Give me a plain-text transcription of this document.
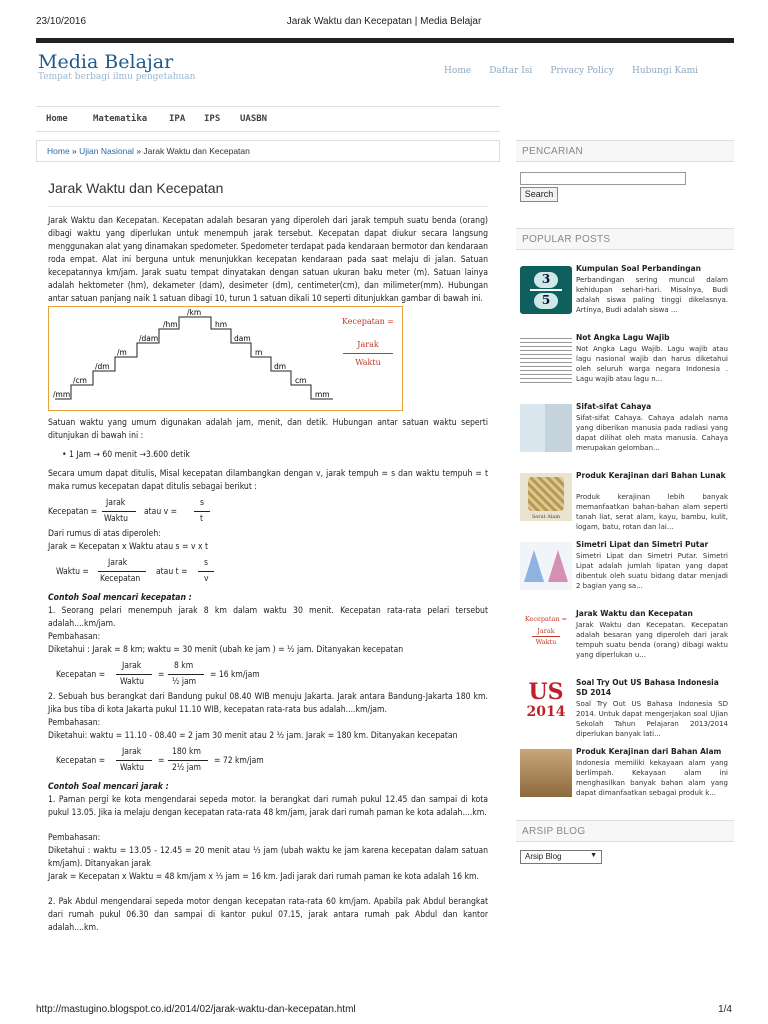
23/10/2016	Jarak Waktu dan Kecepatan | Media Belajar
Media Belajar
Tempat berbagi ilmu pengetahuan
Home Daftar Isi Privacy Policy Hubungi Kami
Home	Matematika IPA IPS UASBN
Home » Ujian Nasional » Jarak Waktu dan Kecepatan
Jarak Waktu dan Kecepatan

Jarak Waktu dan Kecepatan. Kecepatan adalah besaran yang diperoleh dari jarak tempuh suatu benda (orang) dibagi waktu yang diperlukan untuk menempuh jarak tersebut. Kecepatan dapat diukur secara langsung menggunakan alat yang dinamakan spedometer. Spedometer terdapat pada kendaraan bermotor dan kendaraan roda empat. Alat ini berguna untuk menunjukkan kecepatan kendaraan pada saat melaju di jalan. Satuan kecepatannya km/jam. Jarak suatu tempat dinyatakan dengan satuan ukuran baku meter (m). Satuan lainya adalah hektometer (hm), dekameter (dam), desimeter (dm), centimeter(cm), dan milimeter(mm). Hubungan antar satuan panjang naik 1 satuan dibagi 10, turun 1 satuan dikali 10 seperti ditunjukkan gambar di bawah ini.

/mm
/cm
/dm
/m
/dam
/hm
/km
hm
dam
m
dm
cm
mm
Kecepatan =
Jarak
Waktu

Satuan waktu yang umum digunakan adalah jam, menit, dan detik. Hubungan antar satuan waktu seperti ditunjukan di bawah ini :

• 1 Jam → 60 menit →3.600 detik

Secara umum dapat ditulis, Misal kecepatan dilambangkan dengan v, jarak tempuh = s dan waktu tempuh = t maka rumus kecepatan dapat ditulis sebagai berikut :

Kecepatan =
Jarak
Waktu
atau v =
s
t

Dari rumus di atas diperoleh:

Jarak = Kecepatan x Waktu atau s = v x t

Waktu =
Jarak
Kecepatan
atau t =
s
v

Contoh Soal mencari kecepatan :

1. Seorang pelari menempuh jarak 8 km dalam waktu 30 menit. Kecepatan rata-rata pelari tersebut adalah....km/jam.

Pembahasan:

Diketahui : Jarak = 8 km; waktu = 30 menit (ubah ke jam ) = ½ jam. Ditanyakan kecepatan

Kecepatan =
Jarak
Waktu
=
8 km
½ jam
= 16 km/jam

2. Sebuah bus berangkat dari Bandung pukul 08.40 WIB menuju Jakarta. Jarak antara Bandung-Jakarta 180 km. Jika bus tiba di kota Jakarta pukul 11.10 WIB, kecepatan rata-rata bus adalah....km/jam.

Pembahasan:

Diketahui: waktu = 11.10 - 08.40 = 2 jam 30 menit atau 2 ½ jam. Jarak = 180 km. Ditanyakan kecepatan

Kecepatan =
Jarak
Waktu
=
180 km
2½ jam
= 72 km/jam

Contoh Soal mencari jarak :

1. Paman pergi ke kota mengendarai sepeda motor. Ia berangkat dari rumah pukul 12.45 dan sampai di kota pukul 13.05. Jika ia melaju dengan kecepatan rata-rata 48 km/jam, jarak dari rumah paman ke kota adalah....km.

Pembahasan:

Diketahui : waktu = 13.05 - 12.45 = 20 menit atau ⅓ jam (ubah waktu ke jam karena kecepatan dalam satuan km/jam). Ditanyakan jarak

Jarak = Kecepatan x Waktu = 48 km/jam x ⅓ jam = 16 km. Jadi jarak dari rumah paman ke kota adalah 16 km.

2. Pak Abdul mengendarai sepeda motor dengan kecepatan rata-rata 60 km/jam. Apabila pak Abdul berangkat dari rumah pukul 06.30 dan sampai di kantor pukul 07.15, jarak antara rumah pak Abdul dan kantor adalah....km.

PENCARIAN
Search
POPULAR POSTS
3
5
Kumpulan Soal Perbandingan
Perbandingan sering muncul dalam kehidupan sehari-hari. Misalnya, Budi adalah siswa paling tinggi dikelasnya. Artinya, Budi adalah siswa ...
Not Angka Lagu Wajib
Not Angka Lagu Wajib. Lagu wajib atau lagu nasional wajib dan harus diketahui oleh seluruh warga negara Indonesia . Lagu wajib atau lagu n...
Sifat-sifat Cahaya
Sifat-sifat Cahaya. Cahaya adalah nama yang diberikan manusia pada radiasi yang dapat dilihat oleh mata manusia. Cahaya merupakan gelomban...
Serat Alam
Produk Kerajinan dari Bahan Lunak
Produk kerajinan lebih banyak memanfaatkan bahan-bahan alam seperti tanah liat, serat alam, kayu, bambu, kulit, logam, batu, rotan dan lai...
Simetri Lipat dan Simetri Putar
Simetri Lipat dan Simetri Putar. Simetri Lipat adalah jumlah lipatan yang dapat dibentuk oleh suatu bidang datar menjadi 2 bagian yang sa...
Kecepatan =
Jarak
Waktu
Jarak Waktu dan Kecepatan
Jarak Waktu dan Kecepatan. Kecepatan adalah besaran yang diperoleh dari jarak tempuh suatu benda (orang) dibagi waktu yang diperlukan u...
US
2014
Soal Try Out US Bahasa Indonesia SD 2014
Soal Try Out US Bahasa Indonesia SD 2014. Untuk dapat mengerjakan soal Ujian Sekolah Tahun Pelajaran 2013/2014 diperlukan banyak lati...
Produk Kerajinan dari Bahan Alam
Indonesia memiliki kekayaan alam yang berlimpah. Kekayaan alam ini menghasilkan banyak bahan alam yang dapat dimanfaatkan sebagai produk k...
ARSIP BLOG
Arsip Blog	▼
http://mastugino.blogspot.co.id/2014/02/jarak-waktu-dan-kecepatan.html	1/4
